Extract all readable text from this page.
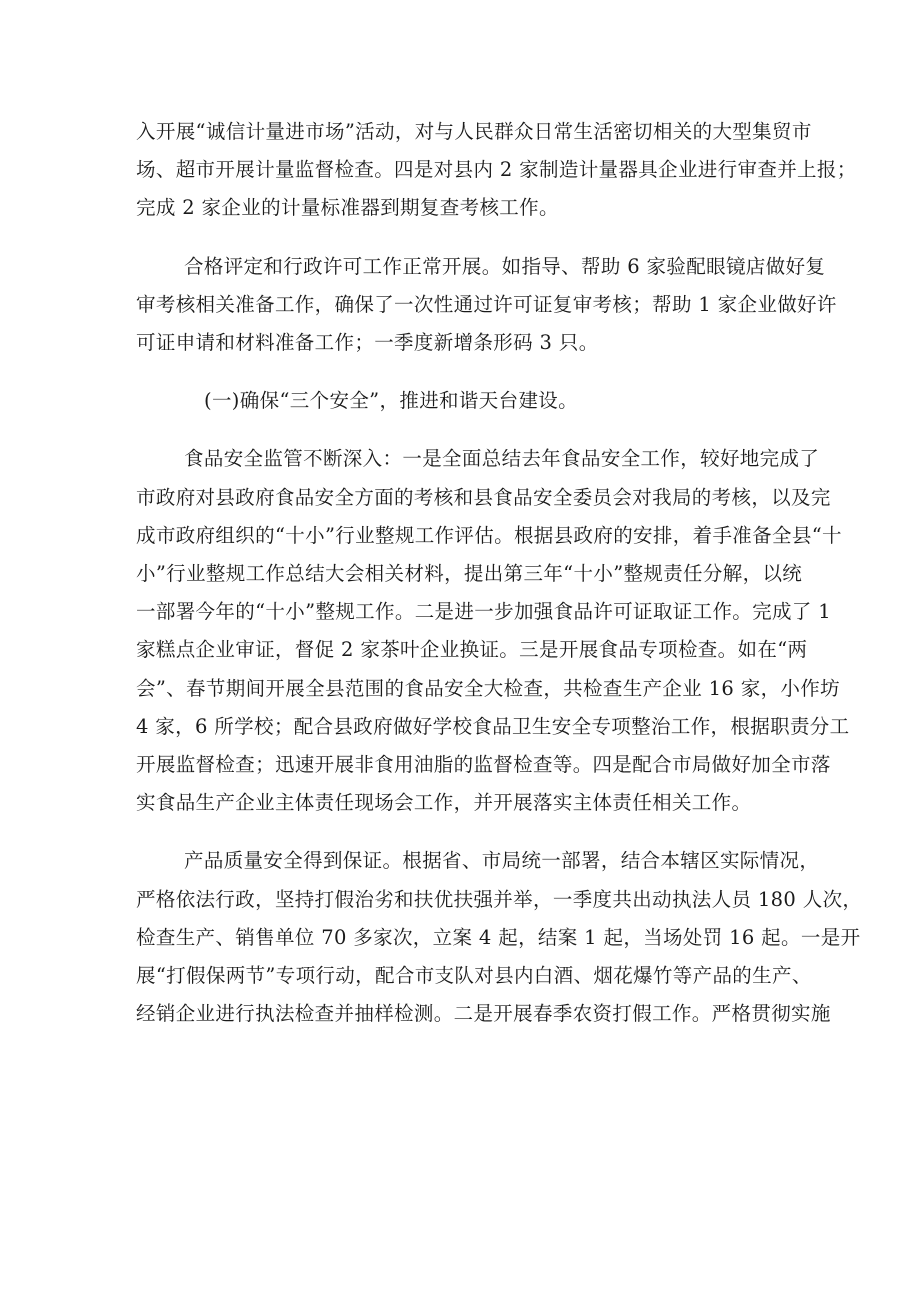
入开展“诚信计量进市场”活动，对与人民群众日常生活密切相关的大型集贸市
场、超市开展计量监督检查。四是对县内 2 家制造计量器具企业进行审查并上报；
完成 2 家企业的计量标准器到期复查考核工作。

合格评定和行政许可工作正常开展。如指导、帮助 6 家验配眼镜店做好复
审考核相关准备工作，确保了一次性通过许可证复审考核；帮助 1 家企业做好许
可证申请和材料准备工作；一季度新增条形码 3 只。

(一)确保“三个安全”，推进和谐天台建设。

食品安全监管不断深入：一是全面总结去年食品安全工作，较好地完成了
市政府对县政府食品安全方面的考核和县食品安全委员会对我局的考核，以及完
成市政府组织的“十小”行业整规工作评估。根据县政府的安排，着手准备全县“十
小”行业整规工作总结大会相关材料，提出第三年“十小”整规责任分解，以统
一部署今年的“十小”整规工作。二是进一步加强食品许可证取证工作。完成了 1
家糕点企业审证，督促 2 家茶叶企业换证。三是开展食品专项检查。如在“两
会”、春节期间开展全县范围的食品安全大检查，共检查生产企业 16 家，小作坊
4 家，6 所学校；配合县政府做好学校食品卫生安全专项整治工作，根据职责分工
开展监督检查；迅速开展非食用油脂的监督检查等。四是配合市局做好加全市落
实食品生产企业主体责任现场会工作，并开展落实主体责任相关工作。

产品质量安全得到保证。根据省、市局统一部署，结合本辖区实际情况，
严格依法行政，坚持打假治劣和扶优扶强并举，一季度共出动执法人员 180 人次，
检查生产、销售单位 70 多家次，立案 4 起，结案 1 起，当场处罚 16 起。一是开
展“打假保两节”专项行动，配合市支队对县内白酒、烟花爆竹等产品的生产、
经销企业进行执法检查并抽样检测。二是开展春季农资打假工作。严格贯彻实施
